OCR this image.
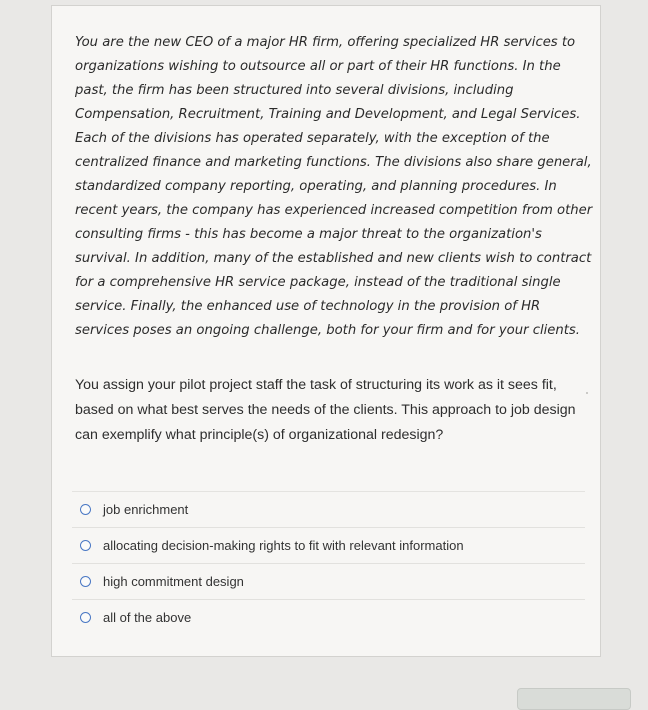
You are the new CEO of a major HR firm, offering specialized HR services to organizations wishing to outsource all or part of their HR functions. In the past, the firm has been structured into several divisions, including Compensation, Recruitment, Training and Development, and Legal Services. Each of the divisions has operated separately, with the exception of the centralized finance and marketing functions. The divisions also share general, standardized company reporting, operating, and planning procedures. In recent years, the company has experienced increased competition from other consulting firms - this has become a major threat to the organization's survival. In addition, many of the established and new clients wish to contract for a comprehensive HR service package, instead of the traditional single service. Finally, the enhanced use of technology in the provision of HR services poses an ongoing challenge, both for your firm and for your clients.

You assign your pilot project staff the task of structuring its work as it sees fit, based on what best serves the needs of the clients. This approach to job design can exemplify what principle(s) of organizational redesign?

job enrichment
allocating decision-making rights to fit with relevant information
high commitment design
all of the above
